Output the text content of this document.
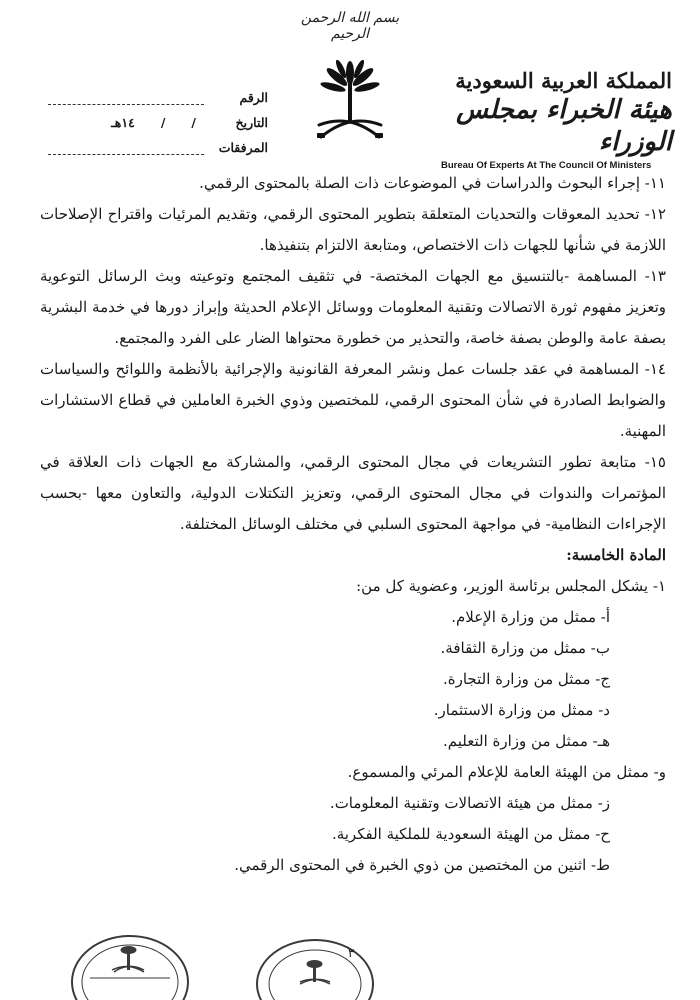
بسم الله الرحمن الرحيم
المملكة العربية السعودية
هيئة الخبراء بمجلس الوزراء
Bureau Of Experts At The Council Of Ministers
الرقم
التاريخ
/
/
١٤هـ
المرفقات

١١- إجراء البحوث والدراسات في الموضوعات ذات الصلة بالمحتوى الرقمي.

١٢- تحديد المعوقات والتحديات المتعلقة بتطوير المحتوى الرقمي، وتقديم المرئيات واقتراح الإصلاحات اللازمة في شأنها للجهات ذات الاختصاص، ومتابعة الالتزام بتنفيذها.

١٣- المساهمة -بالتنسيق مع الجهات المختصة- في تثقيف المجتمع وتوعيته وبث الرسائل التوعوية وتعزيز مفهوم ثورة الاتصالات وتقنية المعلومات ووسائل الإعلام الحديثة وإبراز دورها في خدمة البشرية بصفة عامة والوطن بصفة خاصة، والتحذير من خطورة محتواها الضار على الفرد والمجتمع.

١٤- المساهمة في عقد جلسات عمل ونشر المعرفة القانونية والإجرائية بالأنظمة واللوائح والسياسات والضوابط الصادرة في شأن المحتوى الرقمي، للمختصين وذوي الخبرة العاملين في قطاع الاستشارات المهنية.

١٥- متابعة تطور التشريعات في مجال المحتوى الرقمي، والمشاركة مع الجهات ذات العلاقة في المؤتمرات والندوات في مجال المحتوى الرقمي، وتعزيز التكتلات الدولية، والتعاون معها -بحسب الإجراءات النظامية- في مواجهة المحتوى السلبي في مختلف الوسائل المختلفة.

المادة الخامسة:

١- يشكل المجلس برئاسة الوزير، وعضوية كل من:

أ- ممثل من وزارة الإعلام.

ب- ممثل من وزارة الثقافة.

ج- ممثل من وزارة التجارة.

د- ممثل من وزارة الاستثمار.

هـ- ممثل من وزارة التعليم.

و- ممثل من الهيئة العامة للإعلام المرئي والمسموع.

ز- ممثل من هيئة الاتصالات وتقنية المعلومات.

ح- ممثل من الهيئة السعودية للملكية الفكرية.

ط- اثنين من المختصين من ذوي الخبرة في المحتوى الرقمي.

٣
